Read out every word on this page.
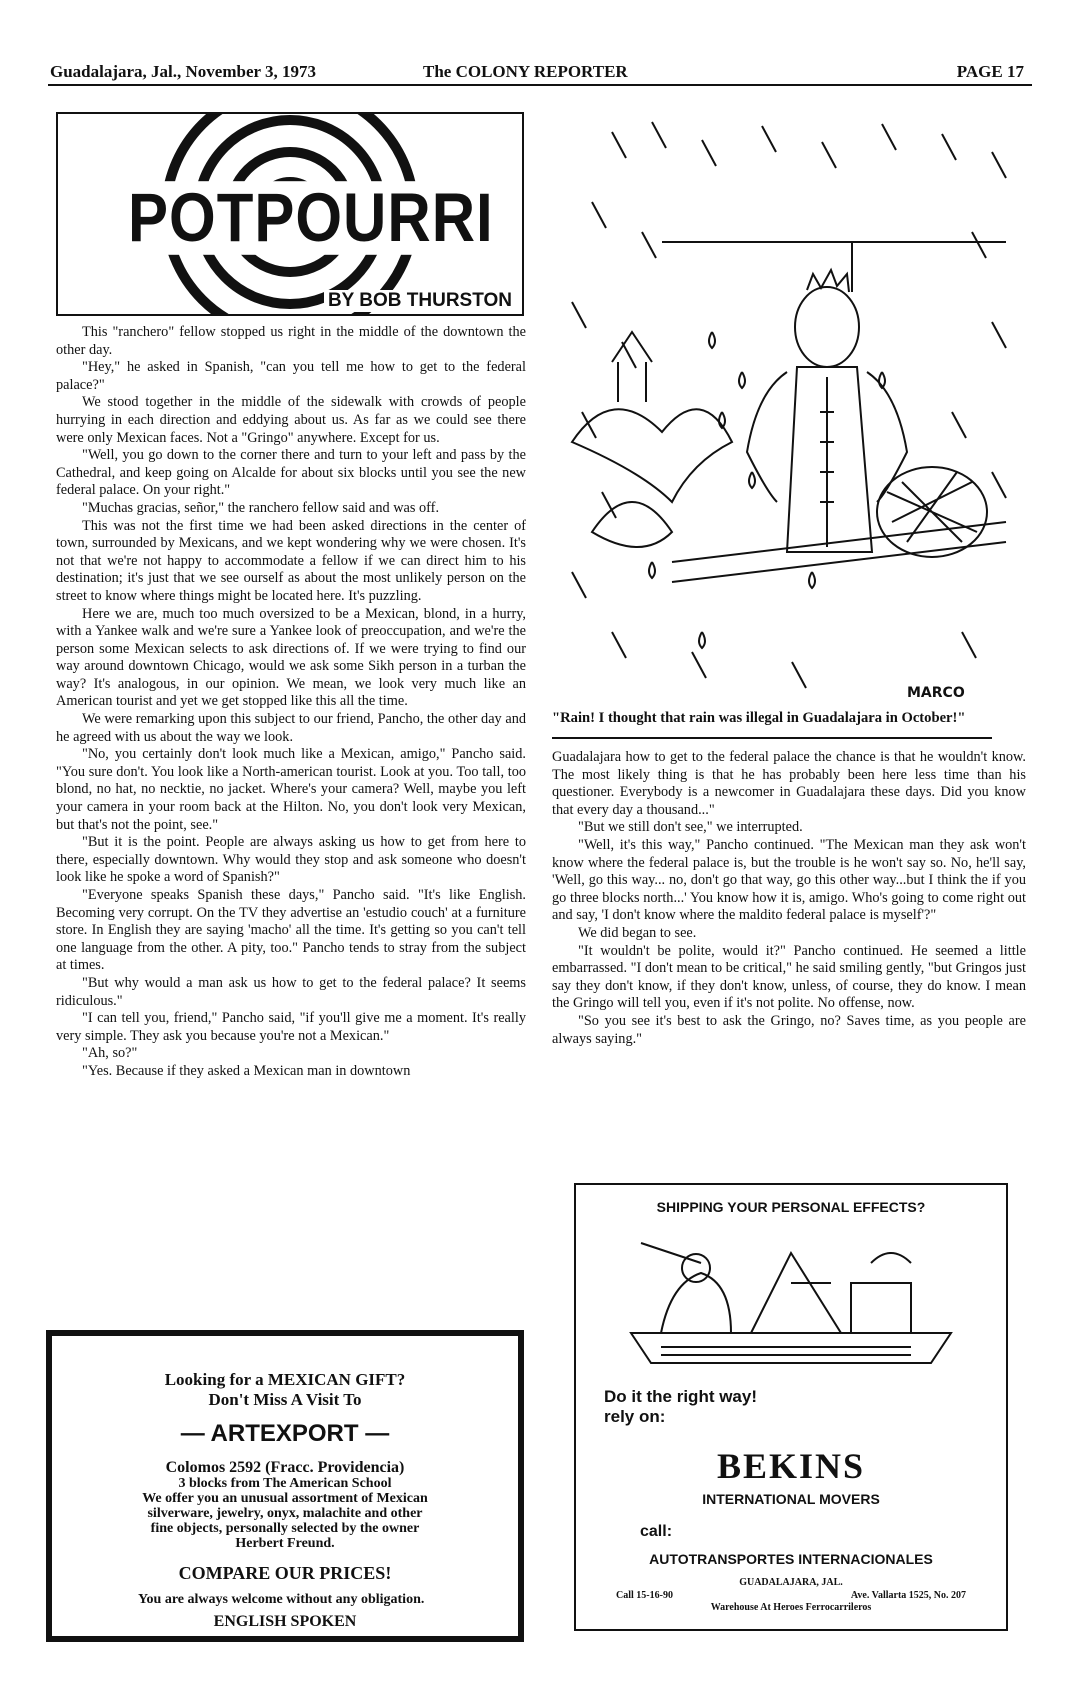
Guadalajara, Jal., November 3, 1973	The COLONY REPORTER	PAGE 17
POTPOURRI
BY BOB THURSTON

This "ranchero" fellow stopped us right in the middle of the downtown the other day.

"Hey," he asked in Spanish, "can you tell me how to get to the federal palace?"

We stood together in the middle of the sidewalk with crowds of people hurrying in each direction and eddying about us. As far as we could see there were only Mexican faces. Not a "Gringo" anywhere. Except for us.

"Well, you go down to the corner there and turn to your left and pass by the Cathedral, and keep going on Alcalde for about six blocks until you see the new federal palace. On your right."

"Muchas gracias, señor," the ranchero fellow said and was off.

This was not the first time we had been asked directions in the center of town, surrounded by Mexicans, and we kept wondering why we were chosen. It's not that we're not happy to accommodate a fellow if we can direct him to his destination; it's just that we see ourself as about the most unlikely person on the street to know where things might be located here. It's puzzling.

Here we are, much too much oversized to be a Mexican, blond, in a hurry, with a Yankee walk and we're sure a Yankee look of preoccupation, and we're the person some Mexican selects to ask directions of. If we were trying to find our way around downtown Chicago, would we ask some Sikh person in a turban the way? It's analogous, in our opinion. We mean, we look very much like an American tourist and yet we get stopped like this all the time.

We were remarking upon this subject to our friend, Pancho, the other day and he agreed with us about the way we look.

"No, you certainly don't look much like a Mexican, amigo," Pancho said. "You sure don't. You look like a North-american tourist. Look at you. Too tall, too blond, no hat, no necktie, no jacket. Where's your camera? Well, maybe you left your camera in your room back at the Hilton. No, you don't look very Mexican, but that's not the point, see."

"But it is the point. People are always asking us how to get from here to there, especially downtown. Why would they stop and ask someone who doesn't look like he spoke a word of Spanish?"

"Everyone speaks Spanish these days," Pancho said. "It's like English. Becoming very corrupt. On the TV they advertise an 'estudio couch' at a furniture store. In English they are saying 'macho' all the time. It's getting so you can't tell one language from the other. A pity, too." Pancho tends to stray from the subject at times.

"But why would a man ask us how to get to the federal palace? It seems ridiculous."

"I can tell you, friend," Pancho said, "if you'll give me a moment. It's really very simple. They ask you because you're not a Mexican."

"Ah, so?"

"Yes. Because if they asked a Mexican man in downtown

MARCO
"Rain! I thought that rain was illegal in Guadalajara in October!"

Guadalajara how to get to the federal palace the chance is that he wouldn't know. The most likely thing is that he has probably been here less time than his questioner. Everybody is a newcomer in Guadalajara these days. Did you know that every day a thousand..."

"But we still don't see," we interrupted.

"Well, it's this way," Pancho continued. "The Mexican man they ask won't know where the federal palace is, but the trouble is he won't say so. No, he'll say, 'Well, go this way... no, don't go that way, go this other way...but I think the if you go three blocks north...' You know how it is, amigo. Who's going to come right out and say, 'I don't know where the maldito federal palace is myself'?"

We did began to see.

"It wouldn't be polite, would it?" Pancho continued. He seemed a little embarrassed. "I don't mean to be critical," he said smiling gently, "but Gringos just say they don't know, if they don't know, unless, of course, they do know. I mean the Gringo will tell you, even if it's not polite. No offense, now.

"So you see it's best to ask the Gringo, no? Saves time, as you people are always saying."

Looking for a MEXICAN GIFT?
Don't Miss A Visit To
— ARTEXPORT —
Colomos 2592 (Fracc. Providencia)
3 blocks from The American School
We offer you an unusual assortment of Mexican silverware, jewelry, onyx, malachite and other fine objects, personally selected by the owner Herbert Freund.
COMPARE OUR PRICES!
You are always welcome without any obligation.
ENGLISH SPOKEN
SHIPPING YOUR PERSONAL EFFECTS?
Do it the right way!
rely on:
BEKINS
INTERNATIONAL MOVERS
call:
AUTOTRANSPORTES INTERNACIONALES
GUADALAJARA, JAL.
Call 15-16-90	Ave. Vallarta 1525, No. 207
Warehouse At Heroes Ferrocarrileros
